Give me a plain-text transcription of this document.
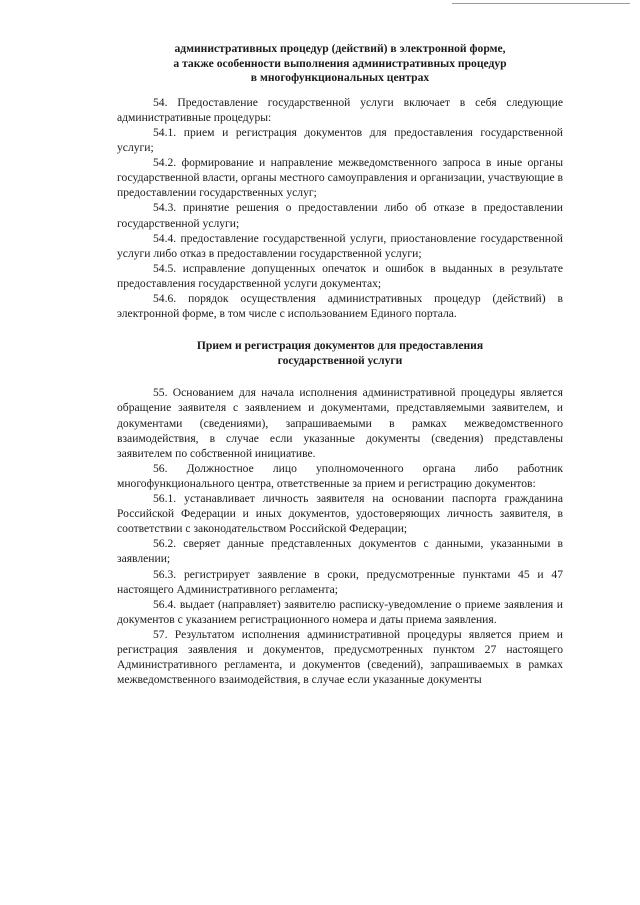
административных процедур (действий) в электронной форме,
а также особенности выполнения административных процедур
в многофункциональных центрах

54. Предоставление государственной услуги включает в себя следующие административные процедуры:

54.1. прием и регистрация документов для предоставления государственной услуги;

54.2. формирование и направление межведомственного запроса в иные органы государственной власти, органы местного самоуправления и организации, участвующие в предоставлении государственных услуг;

54.3. принятие решения о предоставлении либо об отказе в предоставлении государственной услуги;

54.4. предоставление государственной услуги, приостановление государственной услуги либо отказ в предоставлении государственной услуги;

54.5. исправление допущенных опечаток и ошибок в выданных в результате предоставления государственной услуги документах;

54.6. порядок осуществления административных процедур (действий) в электронной форме, в том числе с использованием Единого портала.

Прием и регистрация документов для предоставления
государственной услуги

55. Основанием для начала исполнения административной процедуры является обращение заявителя с заявлением и документами, представляемыми заявителем, и документами (сведениями), запрашиваемыми в рамках межведомственного взаимодействия, в случае если указанные документы (сведения) представлены заявителем по собственной инициативе.

56. Должностное лицо уполномоченного органа либо работник многофункционального центра, ответственные за прием и регистрацию документов:

56.1. устанавливает личность заявителя на основании паспорта гражданина Российской Федерации и иных документов, удостоверяющих личность заявителя, в соответствии с законодательством Российской Федерации;

56.2. сверяет данные представленных документов с данными, указанными в заявлении;

56.3. регистрирует заявление в сроки, предусмотренные пунктами 45 и 47 настоящего Административного регламента;

56.4. выдает (направляет) заявителю расписку-уведомление о приеме заявления и документов с указанием регистрационного номера и даты приема заявления.

57. Результатом исполнения административной процедуры является прием и регистрация заявления и документов, предусмотренных пунктом 27 настоящего Административного регламента, и документов (сведений), запрашиваемых в рамках межведомственного взаимодействия, в случае если указанные документы
